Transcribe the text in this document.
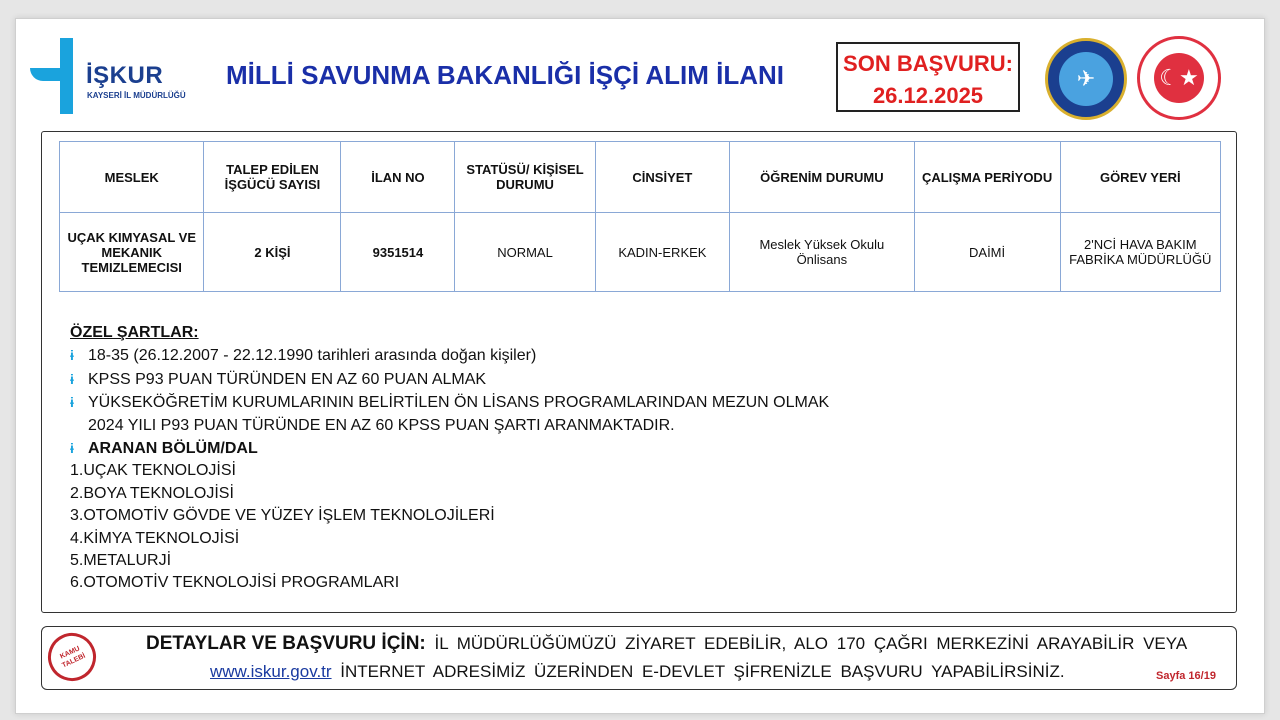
İŞKUR
KAYSERİ İL MÜDÜRLÜĞÜ
MİLLİ SAVUNMA BAKANLIĞI İŞÇİ ALIM İLANI	SON BAŞVURU:
26.12.2025
✈	☾★
MESLEK	TALEP EDİLEN İŞGÜCÜ SAYISI	İLAN NO	STATÜSÜ/ KİŞİSEL DURUMU	CİNSİYET	ÖĞRENİM DURUMU	ÇALIŞMA PERİYODU	GÖREV YERİ
UÇAK KIMYASAL VE MEKANIK TEMIZLEMECISI	2 KİŞİ	9351514	NORMAL	KADIN-ERKEK	Meslek Yüksek Okulu Önlisans	DAİMİ	2'NCİ HAVA BAKIM FABRİKA MÜDÜRLÜĞÜ
ÖZEL ŞARTLAR:
ɨ 18-35 (26.12.2007 - 22.12.1990 tarihleri arasında doğan kişiler)
ɨ KPSS P93 PUAN TÜRÜNDEN EN AZ 60 PUAN ALMAK
ɨ YÜKSEKÖĞRETİM KURUMLARININ BELİRTİLEN ÖN LİSANS PROGRAMLARINDAN MEZUN OLMAK
2024 YILI P93 PUAN TÜRÜNDE EN AZ 60 KPSS PUAN ŞARTI ARANMAKTADIR.
ɨ ARANAN BÖLÜM/DAL
1.UÇAK TEKNOLOJİSİ
2.BOYA TEKNOLOJİSİ
3.OTOMOTİV GÖVDE VE YÜZEY İŞLEM TEKNOLOJİLERİ
4.KİMYA TEKNOLOJİSİ
5.METALURJİ
6.OTOMOTİV TEKNOLOJİSİ PROGRAMLARI
KAMU TALEBİ
DETAYLAR VE BAŞVURU İÇİN: İL MÜDÜRLÜĞÜMÜZÜ ZİYARET EDEBİLİR, ALO 170 ÇAĞRI MERKEZİNİ ARAYABİLİR VEYA
www.iskur.gov.tr İNTERNET ADRESİMİZ ÜZERİNDEN E-DEVLET ŞİFRENİZLE BAŞVURU YAPABİLİRSİNİZ.	Sayfa 16/19
